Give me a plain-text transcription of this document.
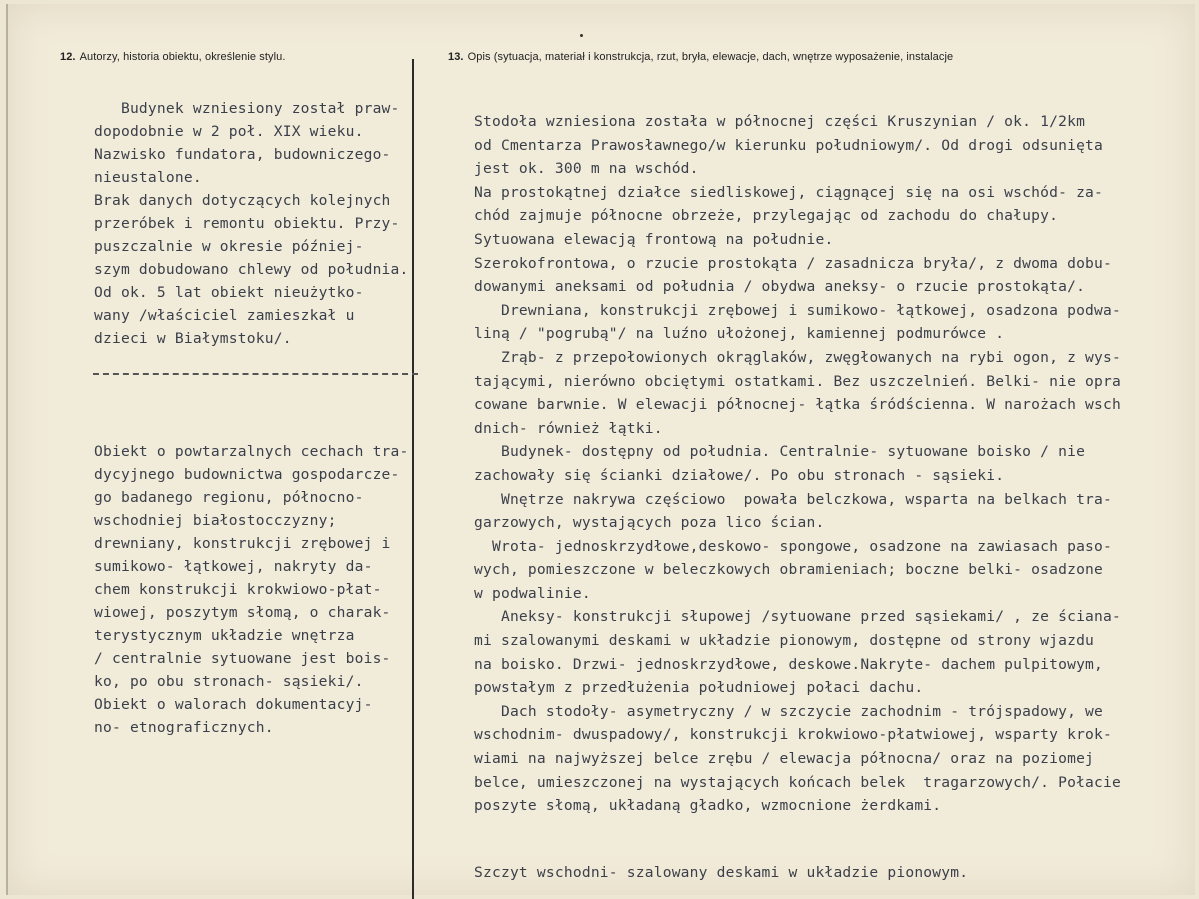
12. Autorzy, historia obiektu, określenie stylu.	13. Opis (sytuacja, materiał i konstrukcja, rzut, bryła, elewacje, dach, wnętrze wyposażenie, instalacje
Budynek wzniesiony został praw-
dopodobnie w 2 poł. XIX wieku.
Nazwisko fundatora, budowniczego-
nieustalone.
Brak danych dotyczących kolejnych
przeróbek i remontu obiektu. Przy-
puszczalnie w okresie później-
szym dobudowano chlewy od południa.
Od ok. 5 lat obiekt nieużytko-
wany /właściciel zamieszkał u
dzieci w Białymstoku/.
Obiekt o powtarzalnych cechach tra-
dycyjnego budownictwa gospodarcze-
go badanego regionu, północno-
wschodniej białostocczyzny;
drewniany, konstrukcji zrębowej i
sumikowo- łątkowej, nakryty da-
chem konstrukcji krokwiowo-płat-
wiowej, poszytym słomą, o charak-
terystycznym układzie wnętrza
/ centralnie sytuowane jest bois-
ko, po obu stronach- sąsieki/.
Obiekt o walorach dokumentacyj-
no- etnograficznych.
Stodoła wzniesiona została w północnej części Kruszynian / ok. 1/2km
od Cmentarza Prawosławnego/w kierunku południowym/. Od drogi odsunięta
jest ok. 300 m na wschód.
Na prostokątnej działce siedliskowej, ciągnącej się na osi wschód- za-
chód zajmuje północne obrzeże, przylegając od zachodu do chałupy.
Sytuowana elewacją frontową na południe.
Szerokofrontowa, o rzucie prostokąta / zasadnicza bryła/, z dwoma dobu-
dowanymi aneksami od południa / obydwa aneksy- o rzucie prostokąta/.
Drewniana, konstrukcji zrębowej i sumikowo- łątkowej, osadzona podwa-
liną / "pogrubą"/ na luźno ułożonej, kamiennej podmurówce .
Zrąb- z przepołowionych okrąglaków, zwęgłowanych na rybi ogon, z wys-
tającymi, nierówno obciętymi ostatkami. Bez uszczelnień. Belki- nie opra
cowane barwnie. W elewacji północnej- łątka śródścienna. W narożach wsch
dnich- również łątki.
Budynek- dostępny od południa. Centralnie- sytuowane boisko / nie
zachowały się ścianki działowe/. Po obu stronach - sąsieki.
Wnętrze nakrywa częściowo  powała belczkowa, wsparta na belkach tra-
garzowych, wystających poza lico ścian.
Wrota- jednoskrzydłowe,deskowo- spongowe, osadzone na zawiasach paso-
wych, pomieszczone w beleczkowych obramieniach; boczne belki- osadzone
w podwalinie.
Aneksy- konstrukcji słupowej /sytuowane przed sąsiekami/ , ze ściana-
mi szalowanymi deskami w układzie pionowym, dostępne od strony wjazdu
na boisko. Drzwi- jednoskrzydłowe, deskowe.Nakryte- dachem pulpitowym,
powstałym z przedłużenia południowej połaci dachu.
Dach stodoły- asymetryczny / w szczycie zachodnim - trójspadowy, we
wschodnim- dwuspadowy/, konstrukcji krokwiowo-płatwiowej, wsparty krok-
wiami na najwyższej belce zrębu / elewacja północna/ oraz na poziomej
belce, umieszczonej na wystających końcach belek  tragarzowych/. Połacie
poszyte słomą, układaną gładko, wzmocnione żerdkami.
Szczyt wschodni- szalowany deskami w układzie pionowym.
